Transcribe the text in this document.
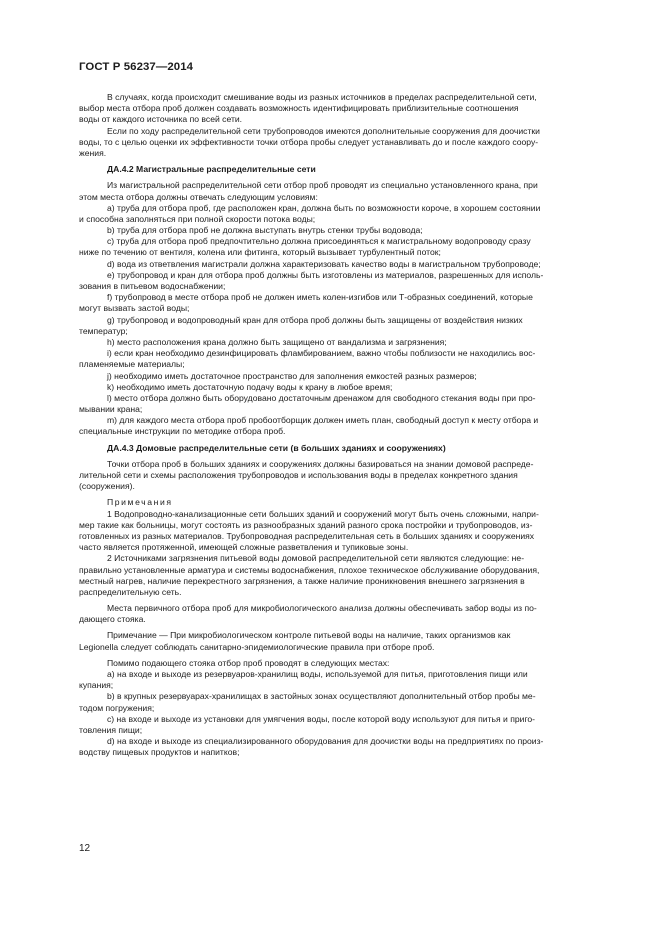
ГОСТ Р 56237—2014
В случаях, когда происходит смешивание воды из разных источников в пределах распределительной сети,
выбор места отбора проб должен создавать возможность идентифицировать приблизительные соотношения
воды от каждого источника по всей сети.
Если по ходу распределительной сети трубопроводов имеются дополнительные сооружения для доочистки
воды, то с целью оценки их эффективности точки отбора пробы следует устанавливать до и после каждого соору-
жения.
ДА.4.2 Магистральные распределительные сети
Из магистральной распределительной сети отбор проб проводят из специально установленного крана, при
этом места отбора должны отвечать следующим условиям:
a) труба для отбора проб, где расположен кран, должна быть по возможности короче, в хорошем состоянии
и способна заполняться при полной скорости потока воды;
b) труба для отбора проб не должна выступать внутрь стенки трубы водовода;
c) труба для отбора проб предпочтительно должна присоединяться к магистральному водопроводу сразу
ниже по течению от вентиля, колена или фитинга, который вызывает турбулентный поток;
d) вода из ответвления магистрали должна характеризовать качество воды в магистральном трубопроводе;
e) трубопровод и кран для отбора проб должны быть изготовлены из материалов, разрешенных для исполь-
зования в питьевом водоснабжении;
f) трубопровод в месте отбора проб не должен иметь колен-изгибов или Т-образных соединений, которые
могут вызвать застой воды;
g) трубопровод и водопроводный кран для отбора проб должны быть защищены от воздействия низких
температур;
h) место расположения крана должно быть защищено от вандализма и загрязнения;
i) если кран необходимо дезинфицировать фламбированием, важно чтобы поблизости не находились вос-
пламеняемые материалы;
j) необходимо иметь достаточное пространство для заполнения емкостей разных размеров;
k) необходимо иметь достаточную подачу воды к крану в любое время;
l) место отбора должно быть оборудовано достаточным дренажом для свободного стекания воды при про-
мывании крана;
m) для каждого места отбора проб пробоотборщик должен иметь план, свободный доступ к месту отбора и
специальные инструкции по методике отбора проб.
ДА.4.3 Домовые распределительные сети (в больших зданиях и сооружениях)
Точки отбора проб в больших зданиях и сооружениях должны базироваться на знании домовой распреде-
лительной сети и схемы расположения трубопроводов и использования воды в пределах конкретного здания
(сооружения).
Примечания
1 Водопроводно-канализационные сети больших зданий и сооружений могут быть очень сложными, напри-
мер такие как больницы, могут состоять из разнообразных зданий разного срока постройки и трубопроводов, из-
готовленных из разных материалов. Трубопроводная распределительная сеть в больших зданиях и сооружениях
часто является протяженной, имеющей сложные разветвления и тупиковые зоны.
2 Источниками загрязнения питьевой воды домовой распределительной сети являются следующие: не-
правильно установленные арматура и системы водоснабжения, плохое техническое обслуживание оборудования,
местный нагрев, наличие перекрестного загрязнения, а также наличие проникновения внешнего загрязнения в
распределительную сеть.
Места первичного отбора проб для микробиологического анализа должны обеспечивать забор воды из по-
дающего стояка.
Примечание — При микробиологическом контроле питьевой воды на наличие, таких организмов как
Legionella следует соблюдать санитарно-эпидемиологические правила при отборе проб.
Помимо подающего стояка отбор проб проводят в следующих местах:
a) на входе и выходе из резервуаров-хранилищ воды, используемой для питья, приготовления пищи или
купания;
b) в крупных резервуарах-хранилищах в застойных зонах осуществляют дополнительный отбор пробы ме-
тодом погружения;
c) на входе и выходе из установки для умягчения воды, после которой воду используют для питья и приго-
товления пищи;
d) на входе и выходе из специализированного оборудования для доочистки воды на предприятиях по произ-
водству пищевых продуктов и напитков;
12
